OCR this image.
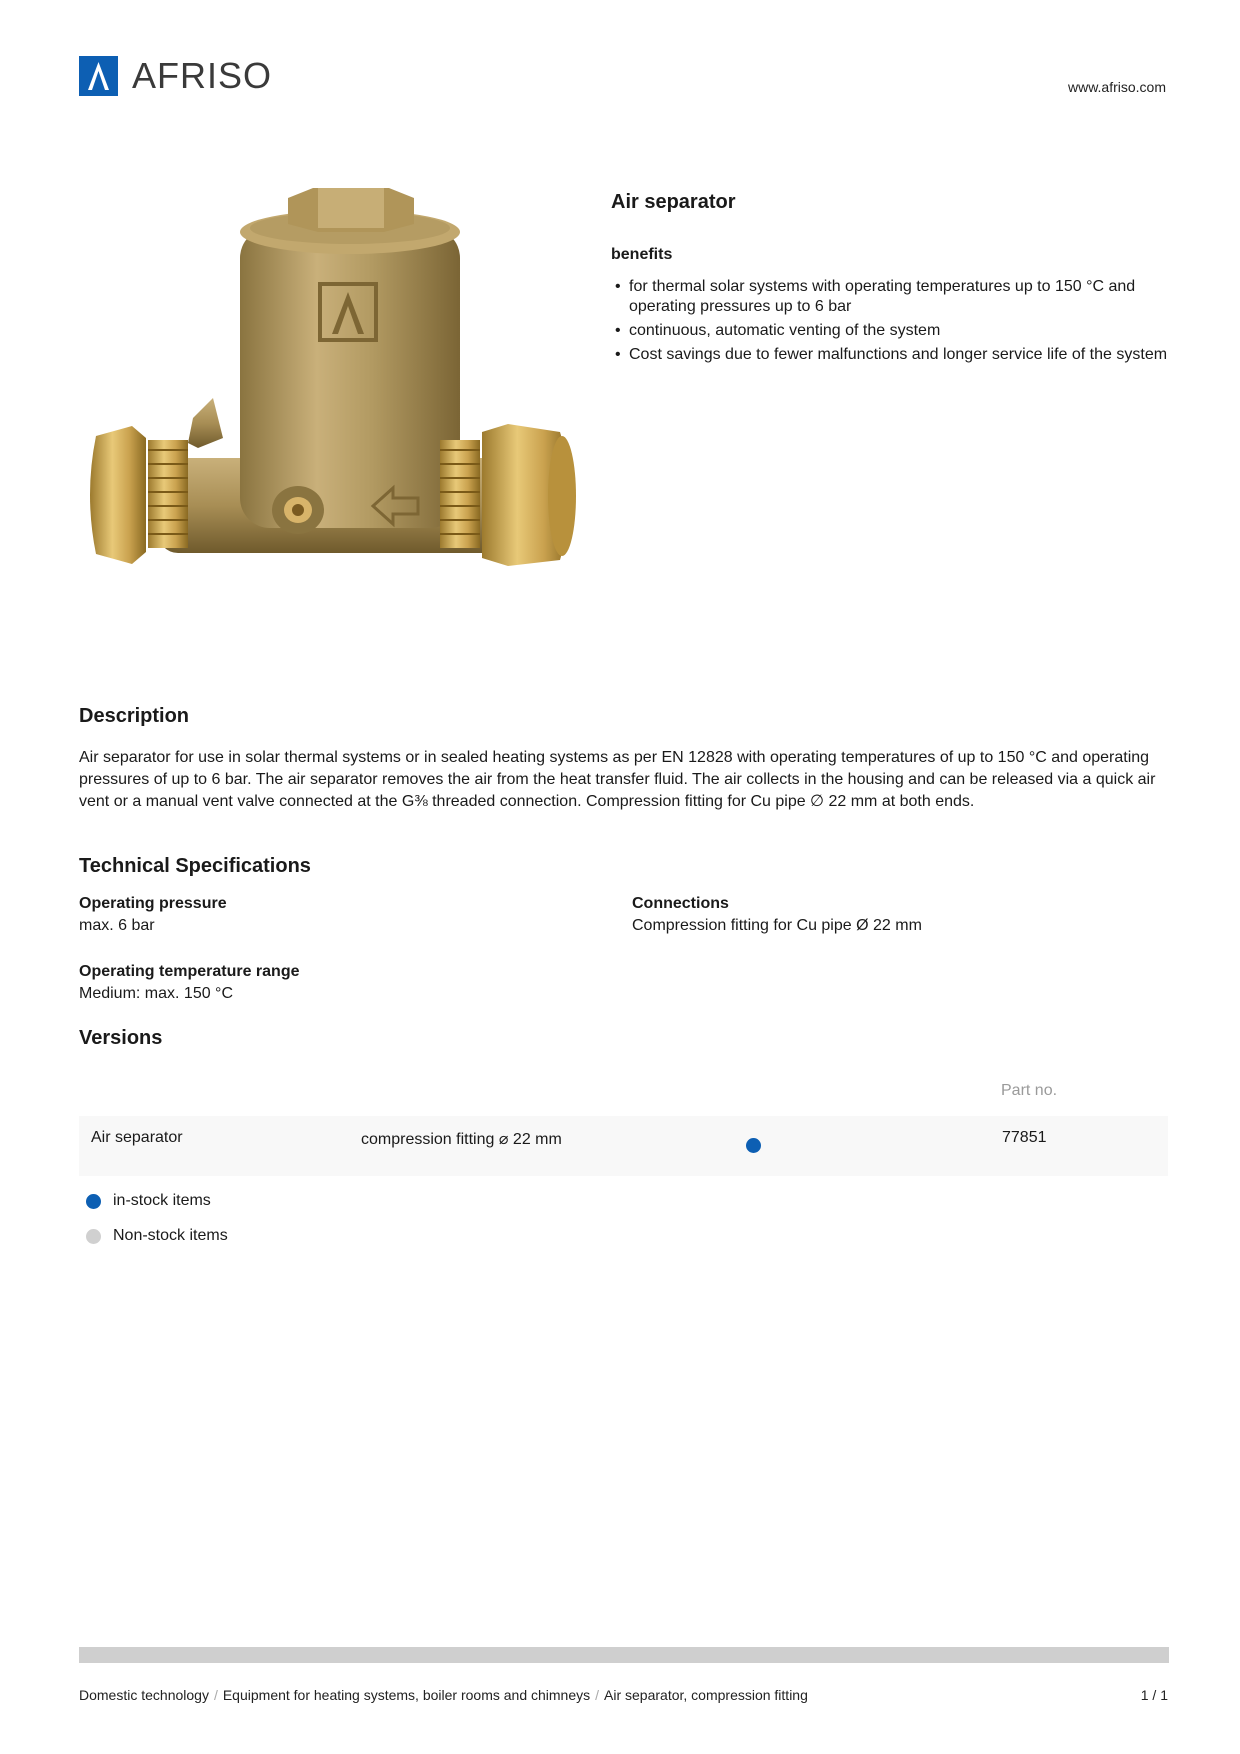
AFRISO	www.afriso.com
Air separator
benefits
• for thermal solar systems with operating temperatures up to 150 °C and operating pressures up to 6 bar
• continuous, automatic venting of the system
• Cost savings due to fewer malfunctions and longer service life of the system
Description
Air separator for use in solar thermal systems or in sealed heating systems as per EN 12828 with operating temperatures of up to 150 °C and operating pressures of up to 6 bar. The air separator removes the air from the heat transfer fluid. The air collects in the housing and can be released via a quick air vent or a manual vent valve connected at the G⅜ threaded connection. Compression fitting for Cu pipe ∅ 22 mm at both ends.
Technical Specifications
Operating pressure
max. 6 bar
Connections
Compression fitting for Cu pipe Ø 22 mm
Operating temperature range
Medium: max. 150 °C
Versions
Part no.
Air separator	compression fitting ⌀ 22 mm	77851
in-stock items
Non-stock items
Domestic technology / Equipment for heating systems, boiler rooms and chimneys / Air separator, compression fitting	1 / 1
